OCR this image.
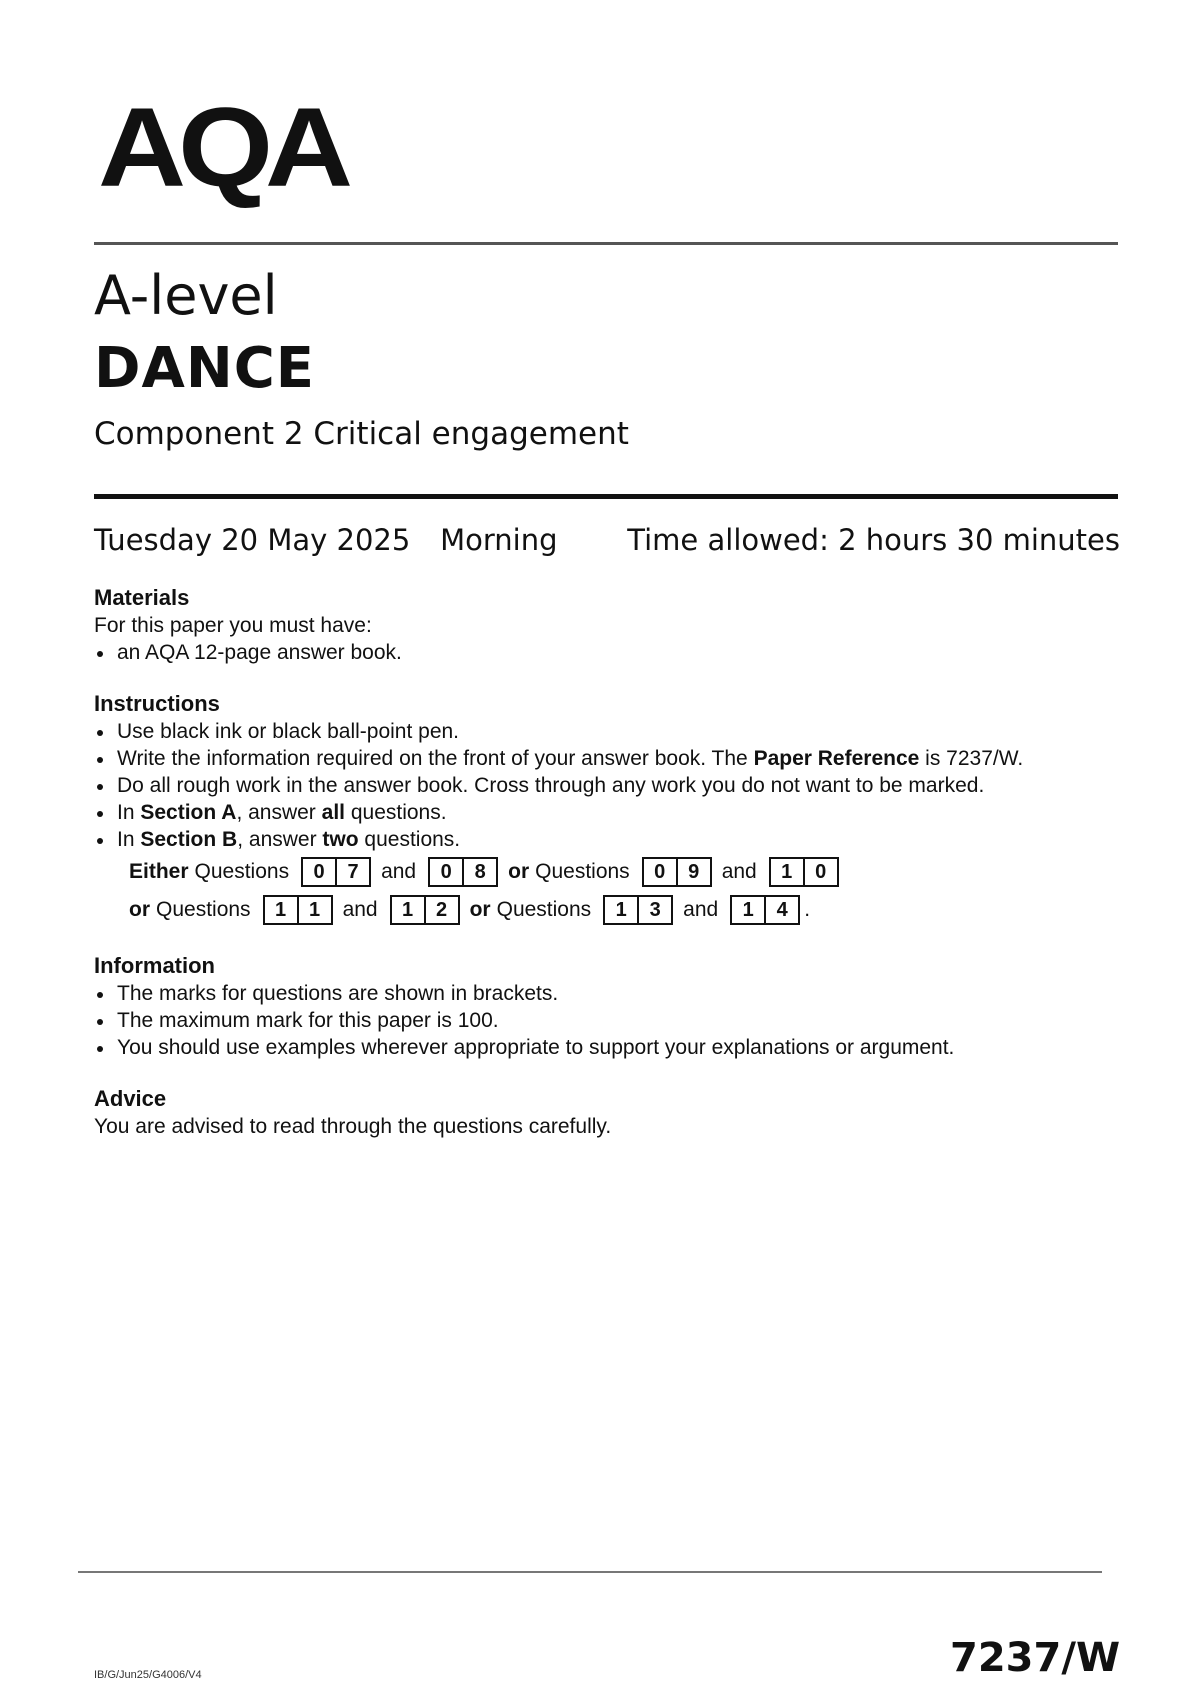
AQA
A-level
DANCE
Component 2 Critical engagement
Tuesday 20 May 2025 Morning Time allowed: 2 hours 30 minutes
Materials
For this paper you must have:
an AQA 12-page answer book.
Instructions
Use black ink or black ball-point pen.
Write the information required on the front of your answer book. The Paper Reference is 7237/W.
Do all rough work in the answer book. Cross through any work you do not want to be marked.
In Section A, answer all questions.
In Section B, answer two questions.
Either Questions	0	7	and	0	8	or Questions	0	9	and	1	0
or Questions	1	1	and	1	2	or Questions	1	3	and	1	4 .
Information
The marks for questions are shown in brackets.
The maximum mark for this paper is 100.
You should use examples wherever appropriate to support your explanations or argument.
Advice
You are advised to read through the questions carefully.
IB/G/Jun25/G4006/V4	7237/W
